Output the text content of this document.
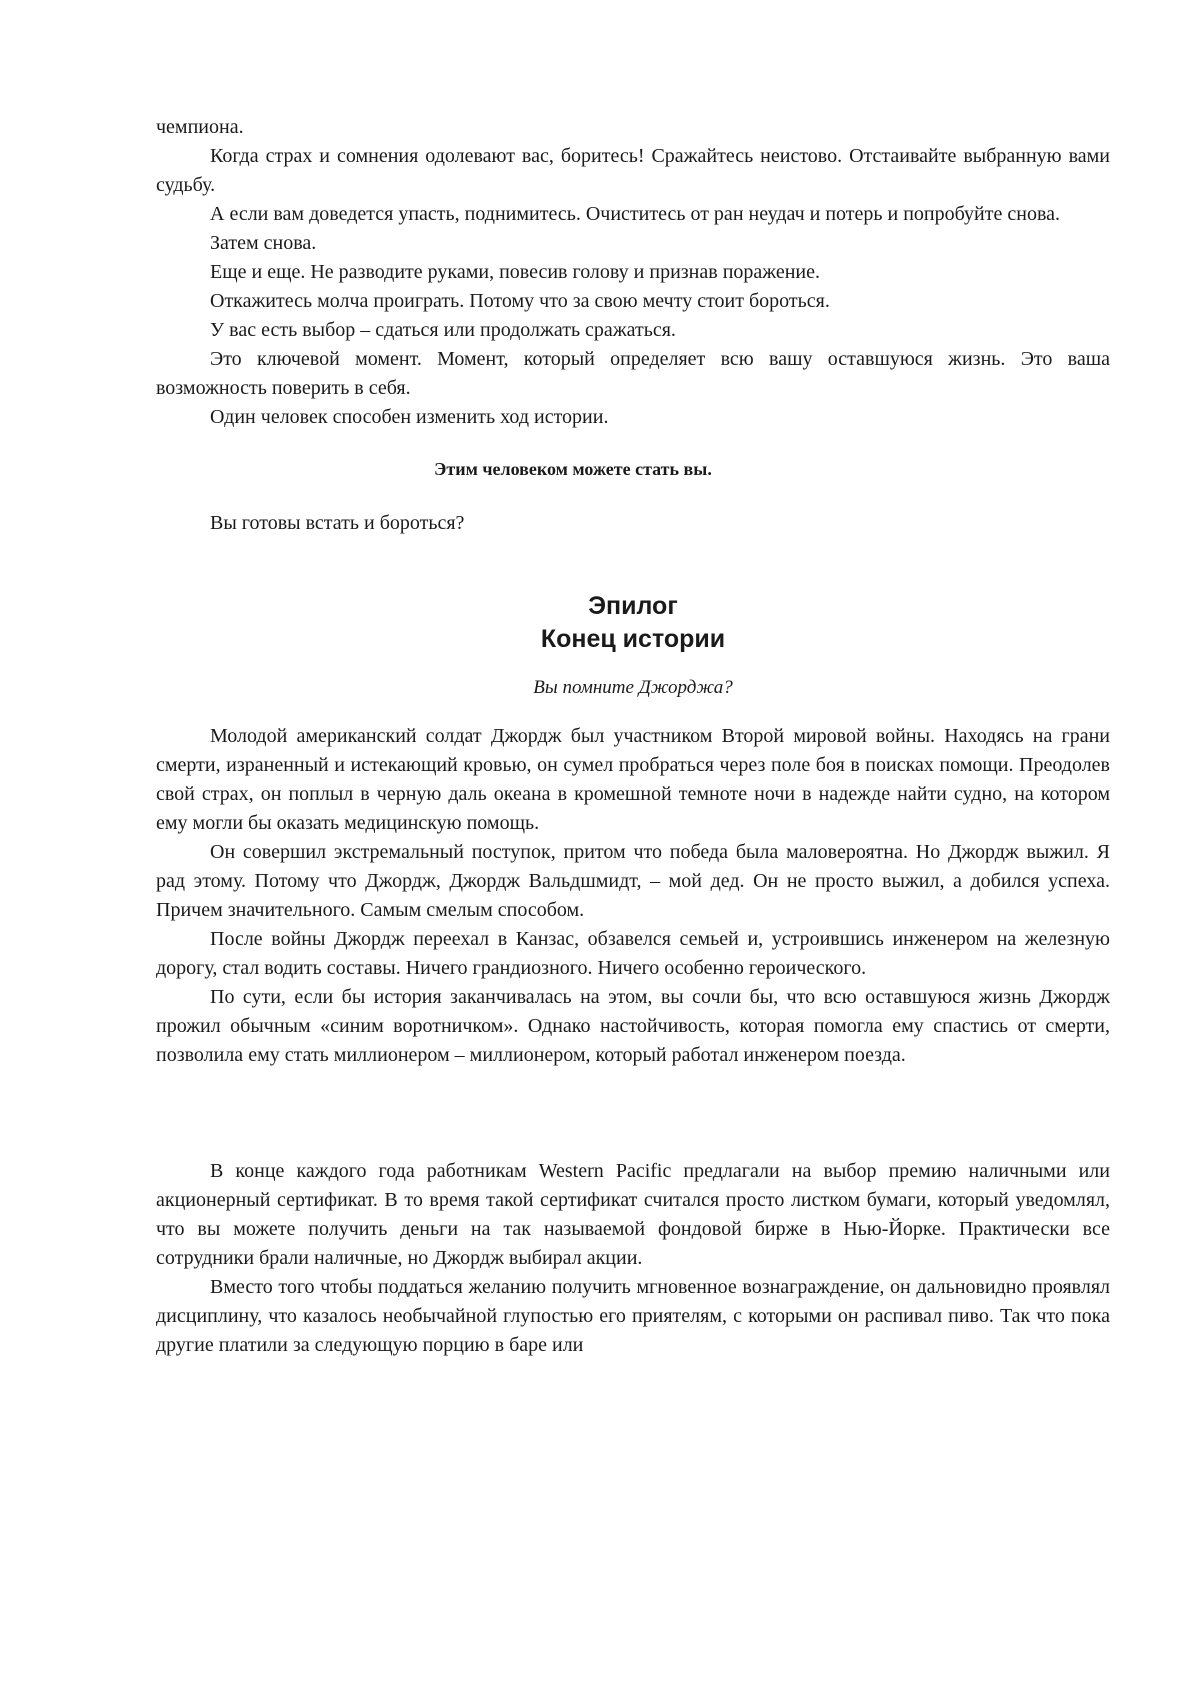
чемпиона.

Когда страх и сомнения одолевают вас, боритесь! Сражайтесь неистово. Отстаивайте выбранную вами судьбу.

А если вам доведется упасть, поднимитесь. Очиститесь от ран неудач и потерь и попробуйте снова.

Затем снова.

Еще и еще. Не разводите руками, повесив голову и признав поражение.

Откажитесь молча проиграть. Потому что за свою мечту стоит бороться.

У вас есть выбор – сдаться или продолжать сражаться.

Это ключевой момент. Момент, который определяет всю вашу оставшуюся жизнь. Это ваша возможность поверить в себя.

Один человек способен изменить ход истории.

Этим человеком можете стать вы.

Вы готовы встать и бороться?

Эпилог

Конец истории

Вы помните Джорджа?

Молодой американский солдат Джордж был участником Второй мировой войны. Находясь на грани смерти, израненный и истекающий кровью, он сумел пробраться через поле боя в поисках помощи. Преодолев свой страх, он поплыл в черную даль океана в кромешной темноте ночи в надежде найти судно, на котором ему могли бы оказать медицинскую помощь.

Он совершил экстремальный поступок, притом что победа была маловероятна. Но Джордж выжил. Я рад этому. Потому что Джордж, Джордж Вальдшмидт, – мой дед. Он не просто выжил, а добился успеха. Причем значительного. Самым смелым способом.

После войны Джордж переехал в Канзас, обзавелся семьей и, устроившись инженером на железную дорогу, стал водить составы. Ничего грандиозного. Ничего особенно героического.

По сути, если бы история заканчивалась на этом, вы сочли бы, что всю оставшуюся жизнь Джордж прожил обычным «синим воротничком». Однако настойчивость, которая помогла ему спастись от смерти, позволила ему стать миллионером – миллионером, который работал инженером поезда.

В конце каждого года работникам Western Pacific предлагали на выбор премию наличными или акционерный сертификат. В то время такой сертификат считался просто листком бумаги, который уведомлял, что вы можете получить деньги на так называемой фондовой бирже в Нью-Йорке. Практически все сотрудники брали наличные, но Джордж выбирал акции.

Вместо того чтобы поддаться желанию получить мгновенное вознаграждение, он дальновидно проявлял дисциплину, что казалось необычайной глупостью его приятелям, с которыми он распивал пиво. Так что пока другие платили за следующую порцию в баре или
